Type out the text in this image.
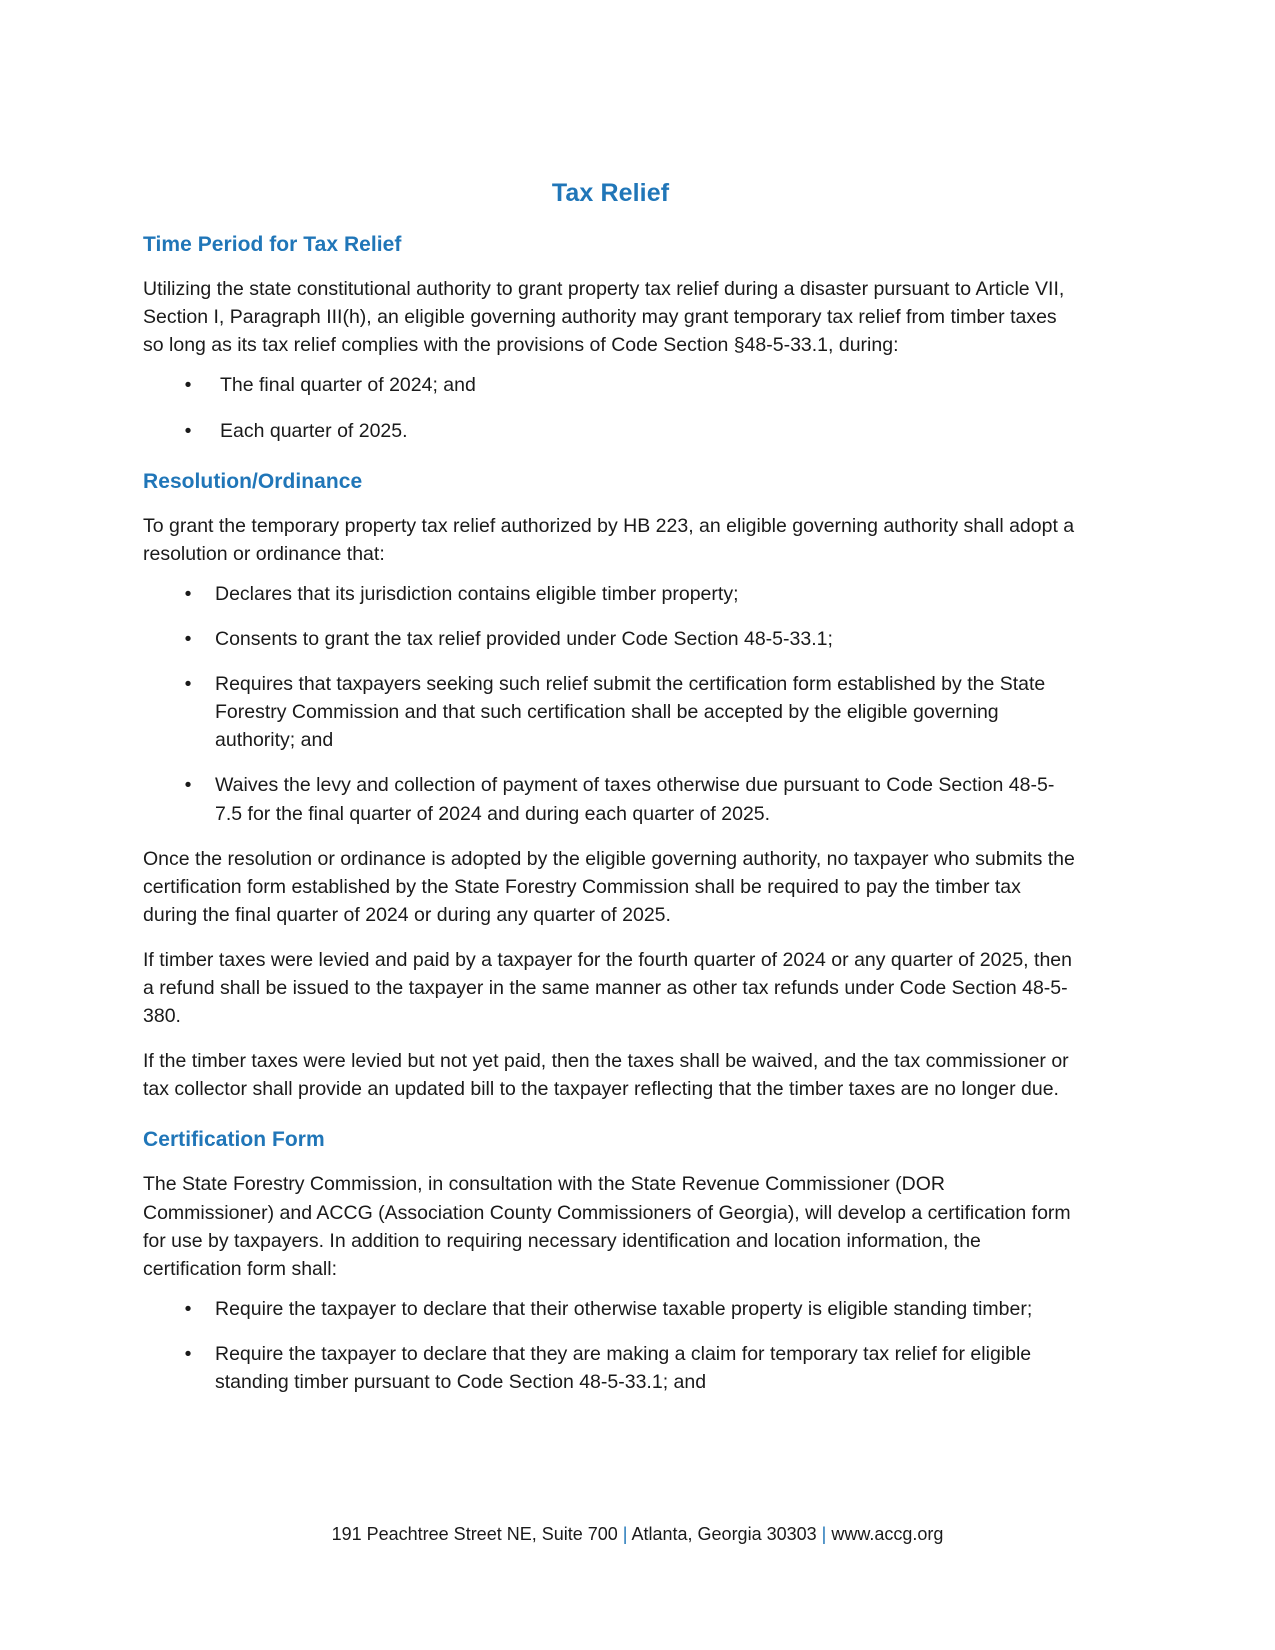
Tax Relief
Time Period for Tax Relief

Utilizing the state constitutional authority to grant property tax relief during a disaster pursuant to Article VII, Section I, Paragraph III(h), an eligible governing authority may grant temporary tax relief from timber taxes so long as its tax relief complies with the provisions of Code Section §48-5-33.1, during:

• The final quarter of 2024; and
• Each quarter of 2025.
Resolution/Ordinance

To grant the temporary property tax relief authorized by HB 223, an eligible governing authority shall adopt a resolution or ordinance that:

• Declares that its jurisdiction contains eligible timber property;
• Consents to grant the tax relief provided under Code Section 48-5-33.1;
• Requires that taxpayers seeking such relief submit the certification form established by the State Forestry Commission and that such certification shall be accepted by the eligible governing authority; and
• Waives the levy and collection of payment of taxes otherwise due pursuant to Code Section 48-5-7.5 for the final quarter of 2024 and during each quarter of 2025.

Once the resolution or ordinance is adopted by the eligible governing authority, no taxpayer who submits the certification form established by the State Forestry Commission shall be required to pay the timber tax during the final quarter of 2024 or during any quarter of 2025.

If timber taxes were levied and paid by a taxpayer for the fourth quarter of 2024 or any quarter of 2025, then a refund shall be issued to the taxpayer in the same manner as other tax refunds under Code Section 48-5-380.

If the timber taxes were levied but not yet paid, then the taxes shall be waived, and the tax commissioner or tax collector shall provide an updated bill to the taxpayer reflecting that the timber taxes are no longer due.

Certification Form

The State Forestry Commission, in consultation with the State Revenue Commissioner (DOR Commissioner) and ACCG (Association County Commissioners of Georgia), will develop a certification form for use by taxpayers. In addition to requiring necessary identification and location information, the certification form shall:

• Require the taxpayer to declare that their otherwise taxable property is eligible standing timber;
• Require the taxpayer to declare that they are making a claim for temporary tax relief for eligible standing timber pursuant to Code Section 48-5-33.1; and
191 Peachtree Street NE, Suite 700 | Atlanta, Georgia 30303 | www.accg.org
